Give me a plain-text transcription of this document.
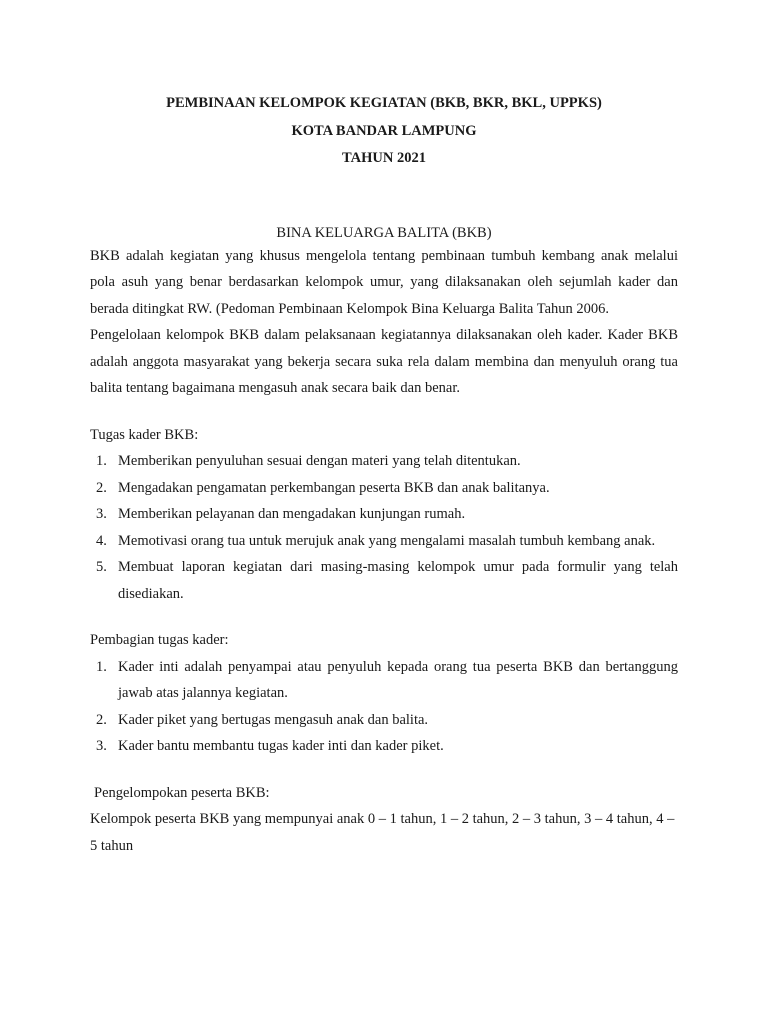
PEMBINAAN KELOMPOK KEGIATAN (BKB, BKR, BKL, UPPKS)
KOTA BANDAR LAMPUNG
TAHUN 2021
BINA KELUARGA BALITA (BKB)

BKB adalah kegiatan yang khusus mengelola tentang pembinaan tumbuh kembang anak melalui pola asuh yang benar berdasarkan kelompok umur, yang dilaksanakan oleh sejumlah kader dan berada ditingkat RW. (Pedoman Pembinaan Kelompok Bina Keluarga Balita Tahun 2006.

Pengelolaan kelompok BKB dalam pelaksanaan kegiatannya dilaksanakan oleh kader. Kader BKB adalah anggota masyarakat yang bekerja secara suka rela dalam membina dan menyuluh orang tua balita tentang bagaimana mengasuh anak secara baik dan benar.

Tugas kader BKB:

1. Memberikan penyuluhan sesuai dengan materi yang telah ditentukan.
2. Mengadakan pengamatan perkembangan peserta BKB dan anak balitanya.
3. Memberikan pelayanan dan mengadakan kunjungan rumah.
4. Memotivasi orang tua untuk merujuk anak yang mengalami masalah tumbuh kembang anak.
5. Membuat laporan kegiatan dari masing-masing kelompok umur pada formulir yang telah disediakan.

Pembagian tugas kader:

1. Kader inti adalah penyampai atau penyuluh kepada orang tua peserta BKB dan bertanggung jawab atas jalannya kegiatan.
2. Kader piket yang bertugas mengasuh anak dan balita.
3. Kader bantu membantu tugas kader inti dan kader piket.

Pengelompokan peserta BKB:

Kelompok peserta BKB yang mempunyai anak 0 – 1 tahun, 1 – 2 tahun, 2 – 3 tahun, 3 – 4 tahun, 4 – 5 tahun
